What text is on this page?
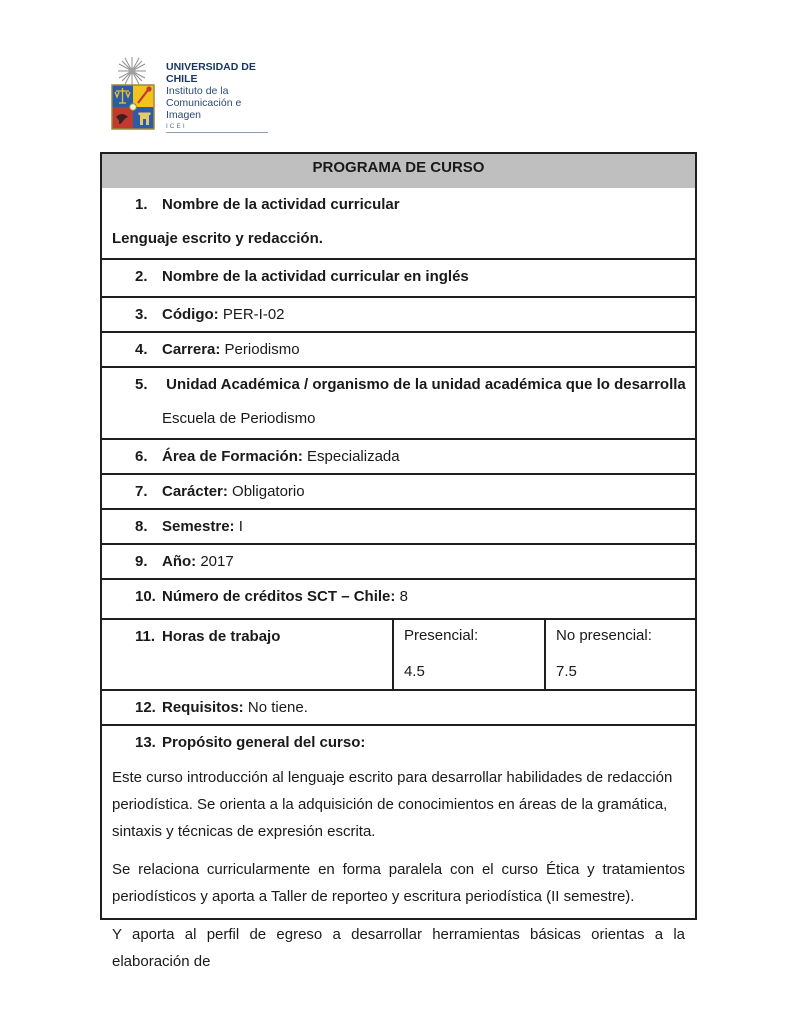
UNIVERSIDAD DE CHILE
Instituto de la
Comunicación e Imagen
ICEI
PROGRAMA DE CURSO
1. Nombre de la actividad curricular
Lenguaje escrito y redacción.
2. Nombre de la actividad curricular en inglés
3. Código: PER-I-02
4. Carrera: Periodismo
5. Unidad Académica / organismo de la unidad académica que lo desarrolla
Escuela de Periodismo
6. Área de Formación: Especializada
7. Carácter: Obligatorio
8. Semestre: I
9. Año: 2017
10. Número de créditos SCT – Chile: 8
11. Horas de trabajo	Presencial:
4.5
No presencial:
7.5
12. Requisitos: No tiene.
13. Propósito general del curso:
Este curso introducción al lenguaje escrito para desarrollar habilidades de redacción periodística. Se orienta a la adquisición de conocimientos en áreas de la gramática, sintaxis y técnicas de expresión escrita.
Se relaciona curricularmente en forma paralela con el curso Ética y tratamientos periodísticos y aporta a Taller de reporteo y escritura periodística (II semestre).
Y aporta al perfil de egreso a desarrollar herramientas básicas orientas a la elaboración de
